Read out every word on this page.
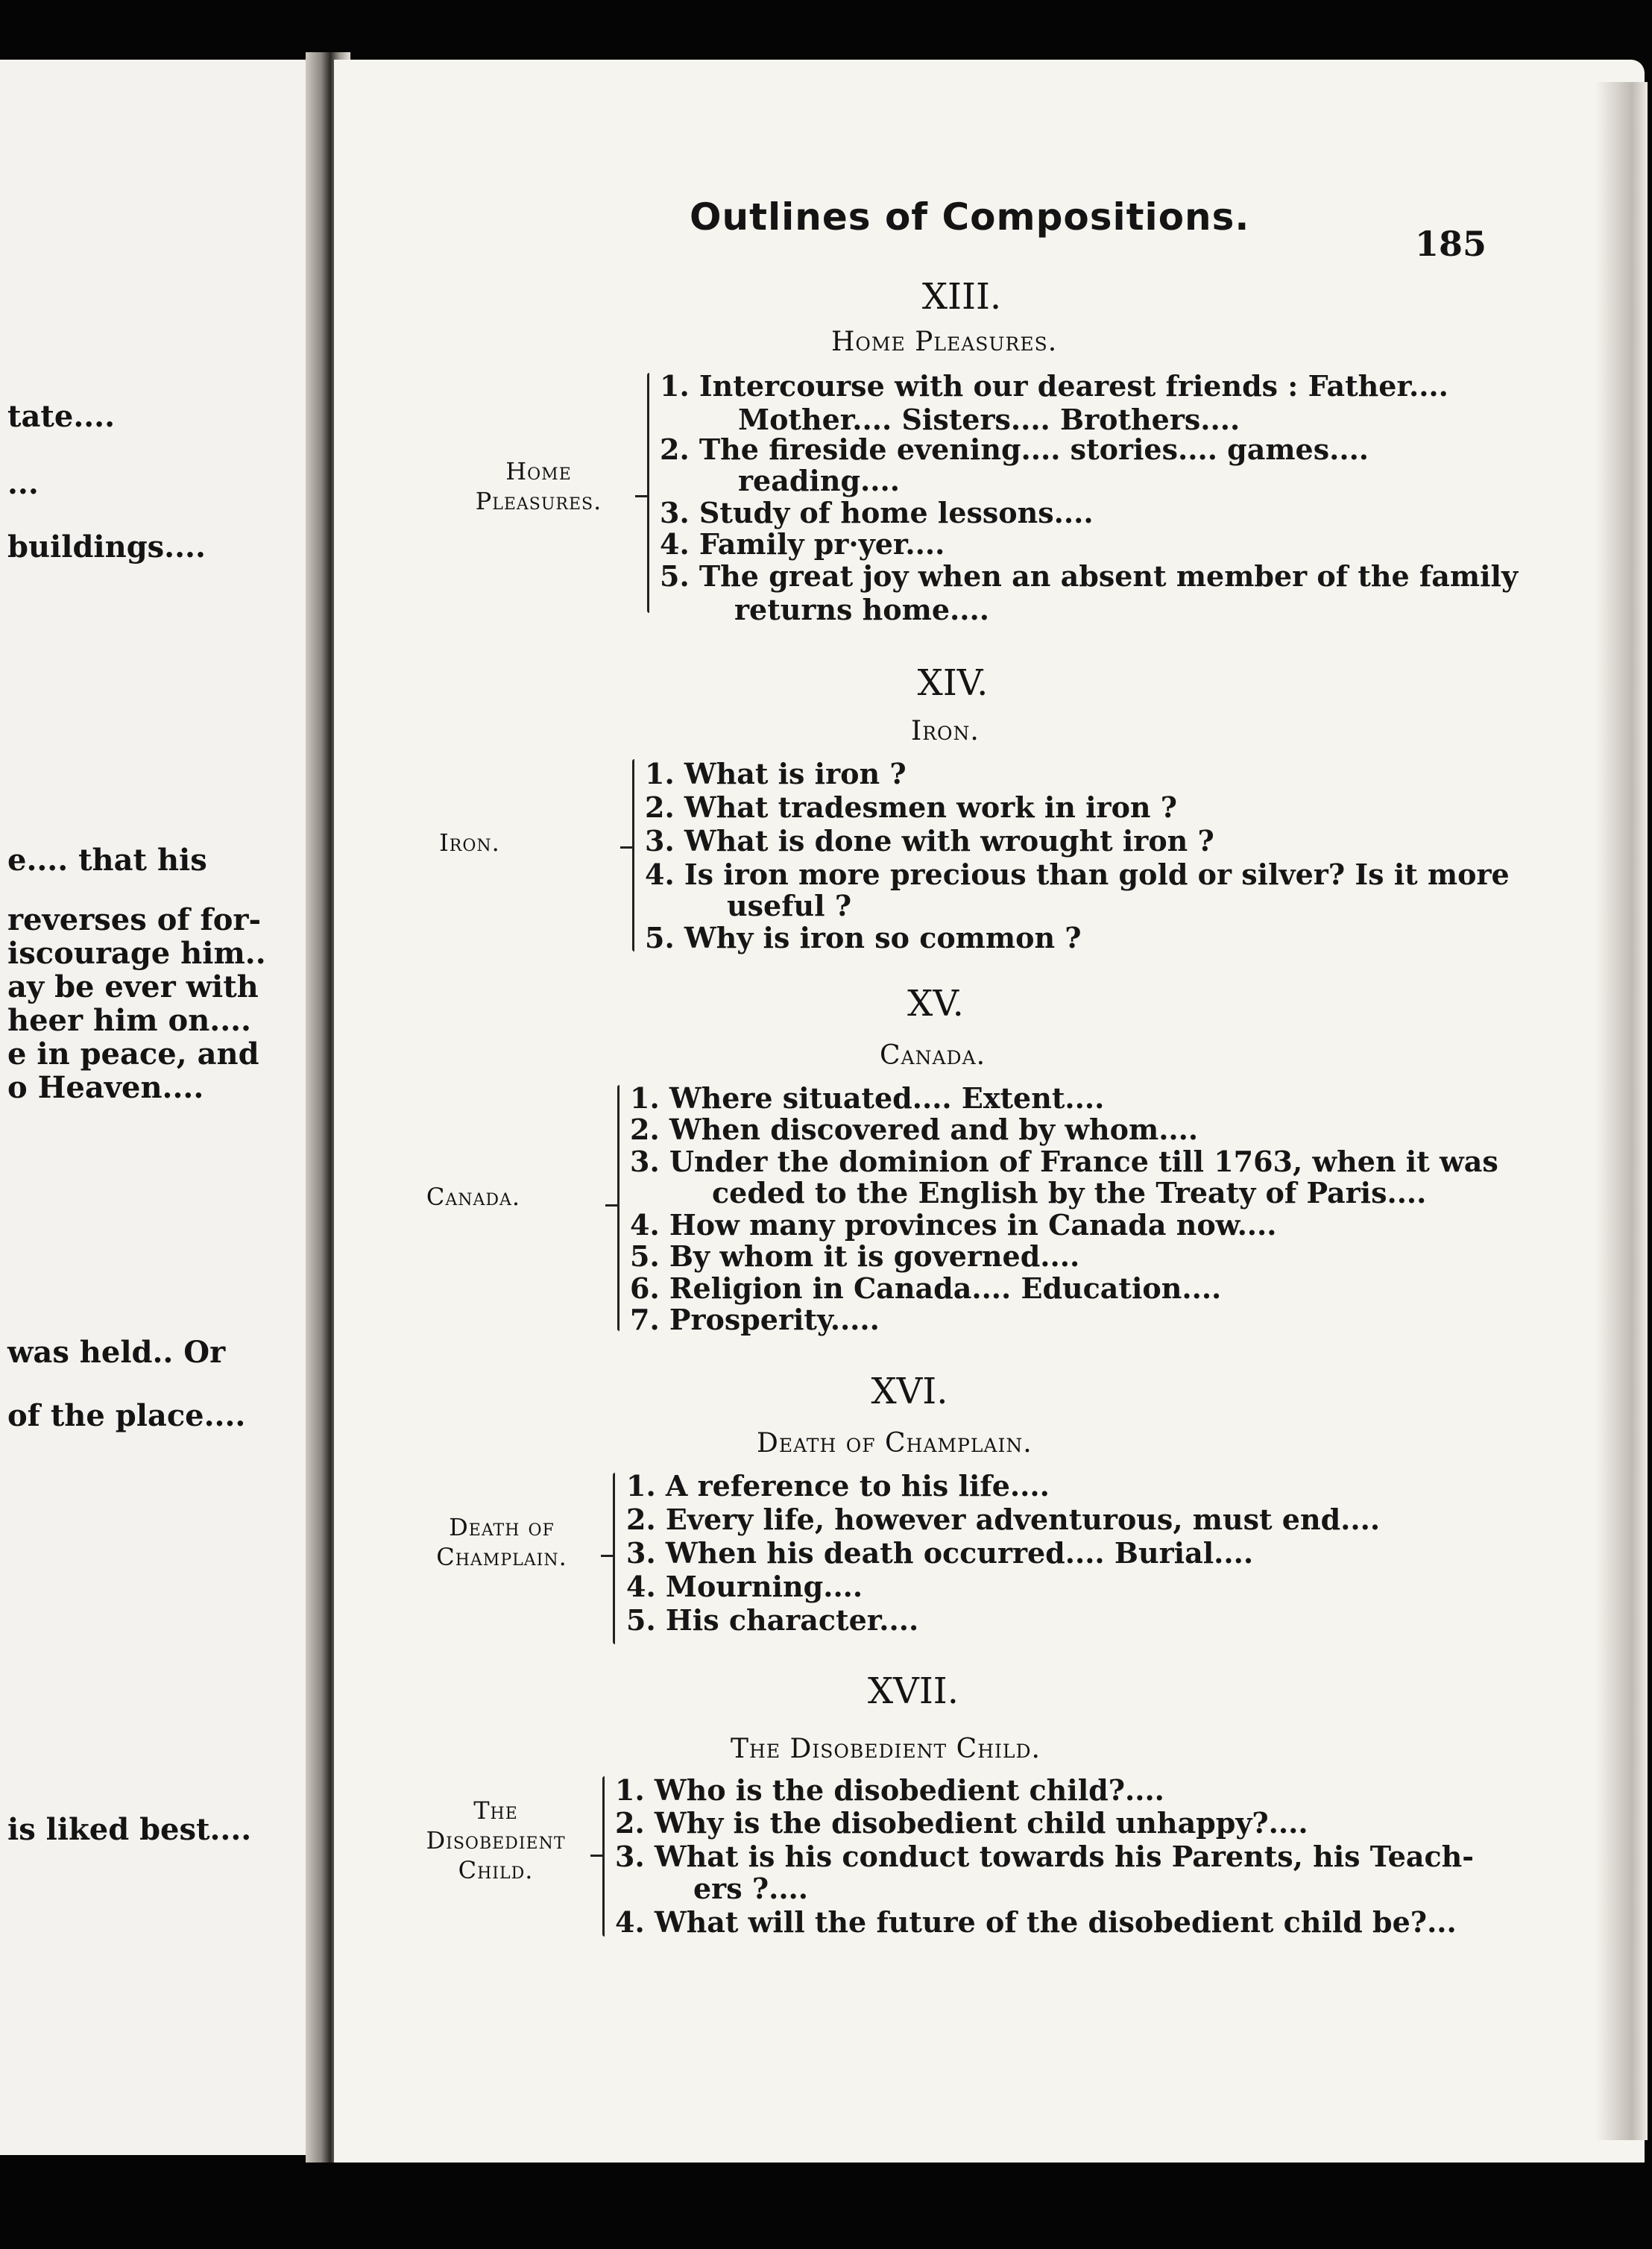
tate....
...
buildings....
e.... that his
reverses of for-
iscourage him..
ay be ever with
heer him on....
e in peace, and
o Heaven....
was held.. Or
of the place....
is liked best....
Outlines of Compositions.
185
XIII.
Home Pleasures.
Home
Pleasures.
1. Intercourse with our dearest friends : Father....
Mother.... Sisters.... Brothers....
2. The fireside evening.... stories.... games....
reading....
3. Study of home lessons....
4. Family pr·yer....
5. The great joy when an absent member of the family
returns home....
XIV.
Iron.
Iron.
1. What is iron ?
2. What tradesmen work in iron ?
3. What is done with wrought iron ?
4. Is iron more precious than gold or silver? Is it more
useful ?
5. Why is iron so common ?
XV.
Canada.
Canada.
1. Where situated.... Extent....
2. When discovered and by whom....
3. Under the dominion of France till 1763, when it was
ceded to the English by the Treaty of Paris....
4. How many provinces in Canada now....
5. By whom it is governed....
6. Religion in Canada.... Education....
7. Prosperity.....
XVI.
Death of Champlain.
Death of
Champlain.
1. A reference to his life....
2. Every life, however adventurous, must end....
3. When his death occurred.... Burial....
4. Mourning....
5. His character....
XVII.
The Disobedient Child.
The
Disobedient
Child.
1. Who is the disobedient child?....
2. Why is the disobedient child unhappy?....
3. What is his conduct towards his Parents, his Teach-
ers ?....
4. What will the future of the disobedient child be?...
